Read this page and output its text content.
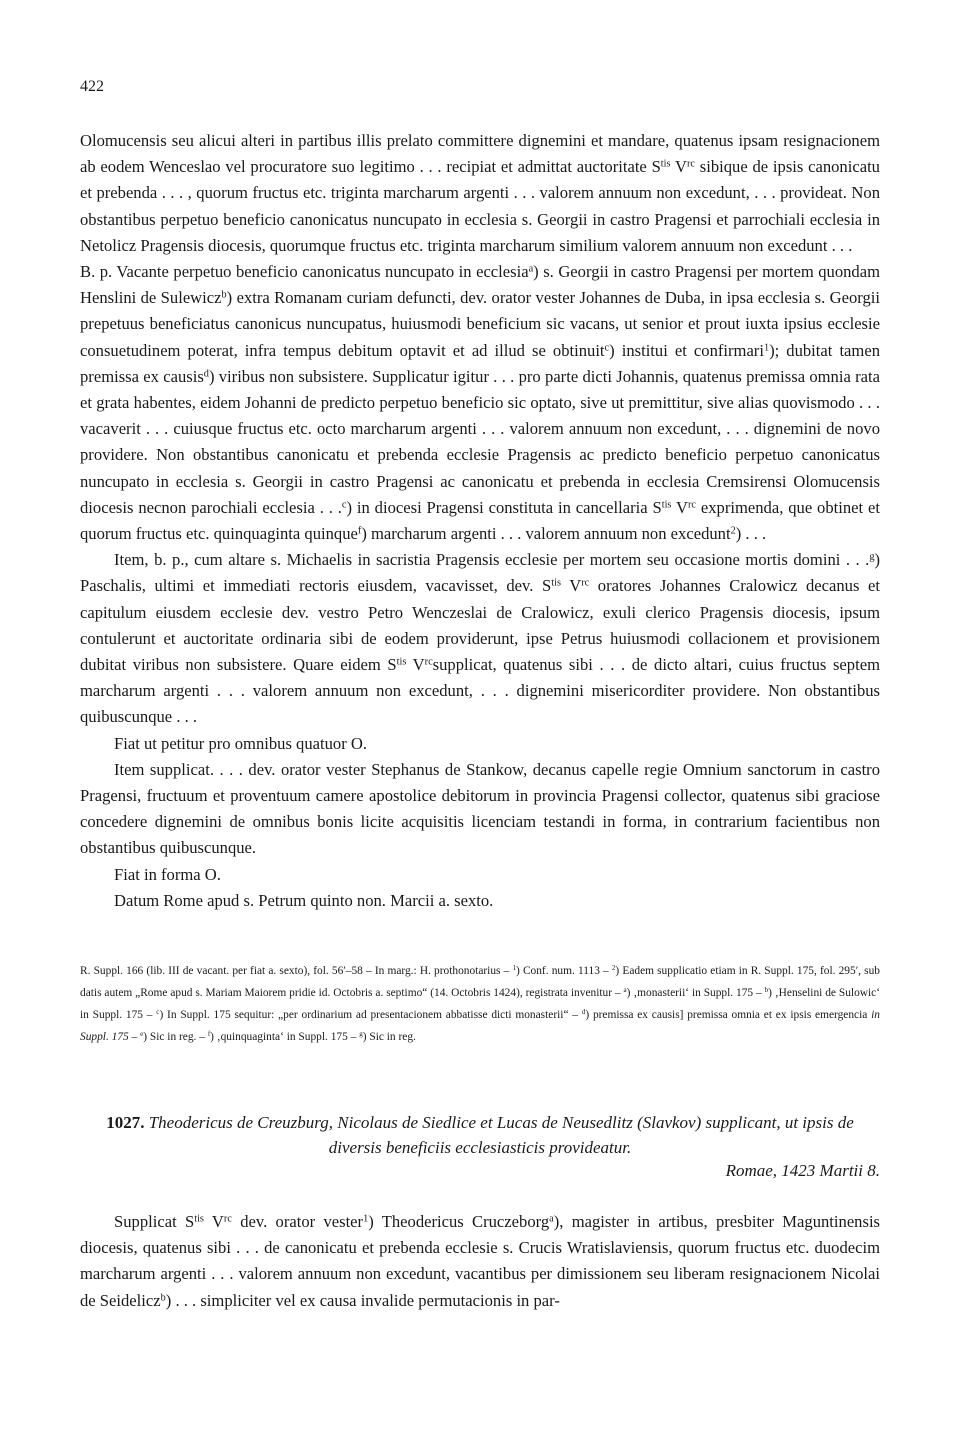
422

Olomucensis seu alicui alteri in partibus illis prelato committere dignemini et mandare, quatenus ipsam resignacionem ab eodem Wenceslao vel procuratore suo legitimo . . . recipiat et admittat auctoritate $S^{tis}$ $V^{rc}$ sibique de ipsis canonicatu et prebenda . . . , quorum fructus etc. triginta marcharum argenti . . . valorem annuum non excedunt, . . . provideat. Non obstantibus perpetuo beneficio canonicatus nuncupato in ecclesia s. Georgii in castro Pragensi et parrochiali ecclesia in Netolicz Pragensis diocesis, quorumque fructus etc. triginta marcharum similium valorem annuum non excedunt . . .

B. p. Vacante perpetuo beneficio canonicatus nuncupato in ecclesia$^a$) s. Georgii in castro Pragensi per mortem quondam Henslini de Sulewicz$^b$) extra Romanam curiam defuncti, dev. orator vester Johannes de Duba, in ipsa ecclesia s. Georgii prepetuus beneficiatus canonicus nuncupatus, huiusmodi beneficium sic vacans, ut senior et prout iuxta ipsius ecclesie consuetudinem poterat, infra tempus debitum optavit et ad illud se obtinuit$^c$) institui et confirmari$^1$); dubitat tamen premissa ex causis$^d$) viribus non subsistere. Supplicatur igitur . . . pro parte dicti Johannis, quatenus premissa omnia rata et grata habentes, eidem Johanni de predicto perpetuo beneficio sic optato, sive ut premittitur, sive alias quovismodo . . . vacaverit . . . cuiusque fructus etc. octo marcharum argenti . . . valorem annuum non excedunt, . . . dignemini de novo providere. Non obstantibus canonicatu et prebenda ecclesie Pragensis ac predicto beneficio perpetuo canonicatus nuncupato in ecclesia s. Georgii in castro Pragensi ac canonicatu et prebenda in ecclesia Cremsirensi Olomucensis diocesis necnon parochiali ecclesia . . .$^c$) in diocesi Pragensi constituta in cancellaria $S^{tis}$ $V^{rc}$ exprimenda, que obtinet et quorum fructus etc. quinquaginta quinque$^f$) marcharum argenti . . . valorem annuum non excedunt$^2$) . . .

Item, b. p., cum altare s. Michaelis in sacristia Pragensis ecclesie per mortem seu occasione mortis domini . . .$^g$) Paschalis, ultimi et immediati rectoris eiusdem, vacavisset, dev. $S^{tis}$ $V^{rc}$ oratores Johannes Cralowicz decanus et capitulum eiusdem ecclesie dev. vestro Petro Wenczeslai de Cralowicz, exuli clerico Pragensis diocesis, ipsum contulerunt et auctoritate ordinaria sibi de eodem providerunt, ipse Petrus huiusmodi collacionem et provisionem dubitat viribus non subsistere. Quare eidem $S^{tis}$ $V^{rc}supplicat$, quatenus sibi . . . de dicto altari, cuius fructus septem marcharum argenti . . . valorem annuum non excedunt, . . . dignemini misericorditer providere. Non obstantibus quibuscunque . . .

Fiat ut petitur pro omnibus quatuor O.

Item supplicat. . . . dev. orator vester Stephanus de Stankow, decanus capelle regie Omnium sanctorum in castro Pragensi, fructuum et proventuum camere apostolice debitorum in provincia Pragensi collector, quatenus sibi graciose concedere dignemini de omnibus bonis licite acquisitis licenciam testandi in forma, in contrarium facientibus non obstantibus quibuscunque.

Fiat in forma O.

Datum Rome apud s. Petrum quinto non. Marcii a. sexto.

R. Suppl. 166 (lib. III de vacant. per fiat a. sexto), fol. 56′–58 – In marg.: H. prothonotarius – $^1$) Conf. num. 1113 – $^2$) Eadem supplicatio etiam in R. Suppl. 175, fol. 295′, sub datis autem „Rome apud s. Mariam Maiorem pridie id. Octobris a. septimo“ (14. Octobris 1424), registrata invenitur – $^a$) ‚monasterii‘ in Suppl. 175 – $^b$) ‚Henselini de Sulowic‘ in Suppl. 175 – $^c$) In Suppl. 175 sequitur: „per ordinarium ad presentacionem abbatisse dicti monasterii“ – $^d$) premissa ex causis] premissa omnia et ex ipsis emergencia in Suppl. 175 – $^e$) Sic in reg. – $^f$) ‚quinquaginta‘ in Suppl. 175 – $^g$) Sic in reg.

1027. Theodericus de Creuzburg, Nicolaus de Siedlice et Lucas de Neusedlitz (Slavkov) supplicant, ut ipsis de diversis beneficiis ecclesiasticis provideatur.

Romae, 1423 Martii 8.

Supplicat $S^{tis}$ $V^{rc}$ dev. orator vester$^1$) Theodericus Cruczeborg$^a$), magister in artibus, presbiter Maguntinensis diocesis, quatenus sibi . . . de canonicatu et prebenda ecclesie s. Crucis Wratislaviensis, quorum fructus etc. duodecim marcharum argenti . . . valorem annuum non excedunt, vacantibus per dimissionem seu liberam resignacionem Nicolai de Seidelicz$^b$) . . . simpliciter vel ex causa invalide permutacionis in par-
